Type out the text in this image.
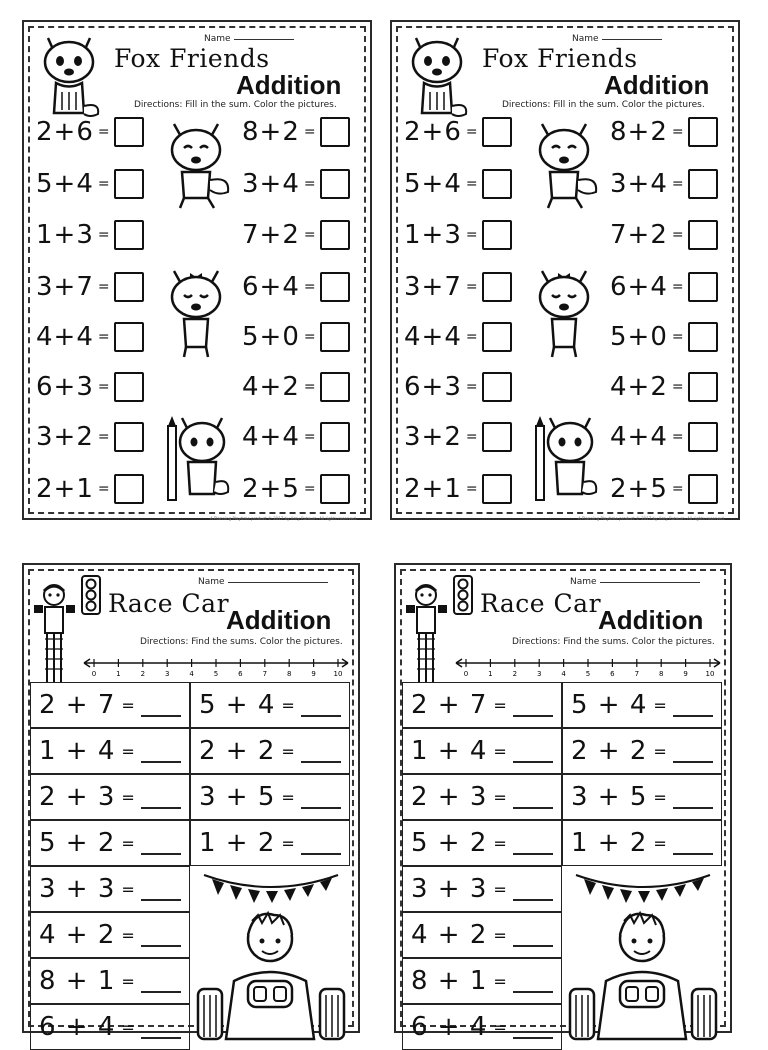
Name
Fox Friends
Addition
Directions: Fill in the sum. Color the pictures.
2+6 =
5+4 =
1+3 =
3+7 =
4+4 =
6+3 =
3+2 =
2+1 =
8+2 =
3+4 =
7+2 =
6+4 =
5+0 =
4+2 =
4+4 =
2+5 =
A Planning Playtime product © 2017 by Amy Ruteum. All rights reserved.
Name
Fox Friends
Addition
Directions: Fill in the sum. Color the pictures.
2+6 =
5+4 =
1+3 =
3+7 =
4+4 =
6+3 =
3+2 =
2+1 =
8+2 =
3+4 =
7+2 =
6+4 =
5+0 =
4+2 =
4+4 =
2+5 =
A Planning Playtime product © 2017 by Amy Ruteum. All rights reserved.
Name
Race Car
Addition
Directions: Find the sums. Color the pictures.
0	1	2	3	4	5	6	7	8	9	10
2 + 7 =
1 + 4 =
2 + 3 =
5 + 2 =
3 + 3 =
4 + 2 =
8 + 1 =
6 + 4 =
5 + 4 =
2 + 2 =
3 + 5 =
1 + 2 =
Name
Race Car
Addition
Directions: Find the sums. Color the pictures.
0	1	2	3	4	5	6	7	8	9	10
2 + 7 =
1 + 4 =
2 + 3 =
5 + 2 =
3 + 3 =
4 + 2 =
8 + 1 =
6 + 4 =
5 + 4 =
2 + 2 =
3 + 5 =
1 + 2 =
